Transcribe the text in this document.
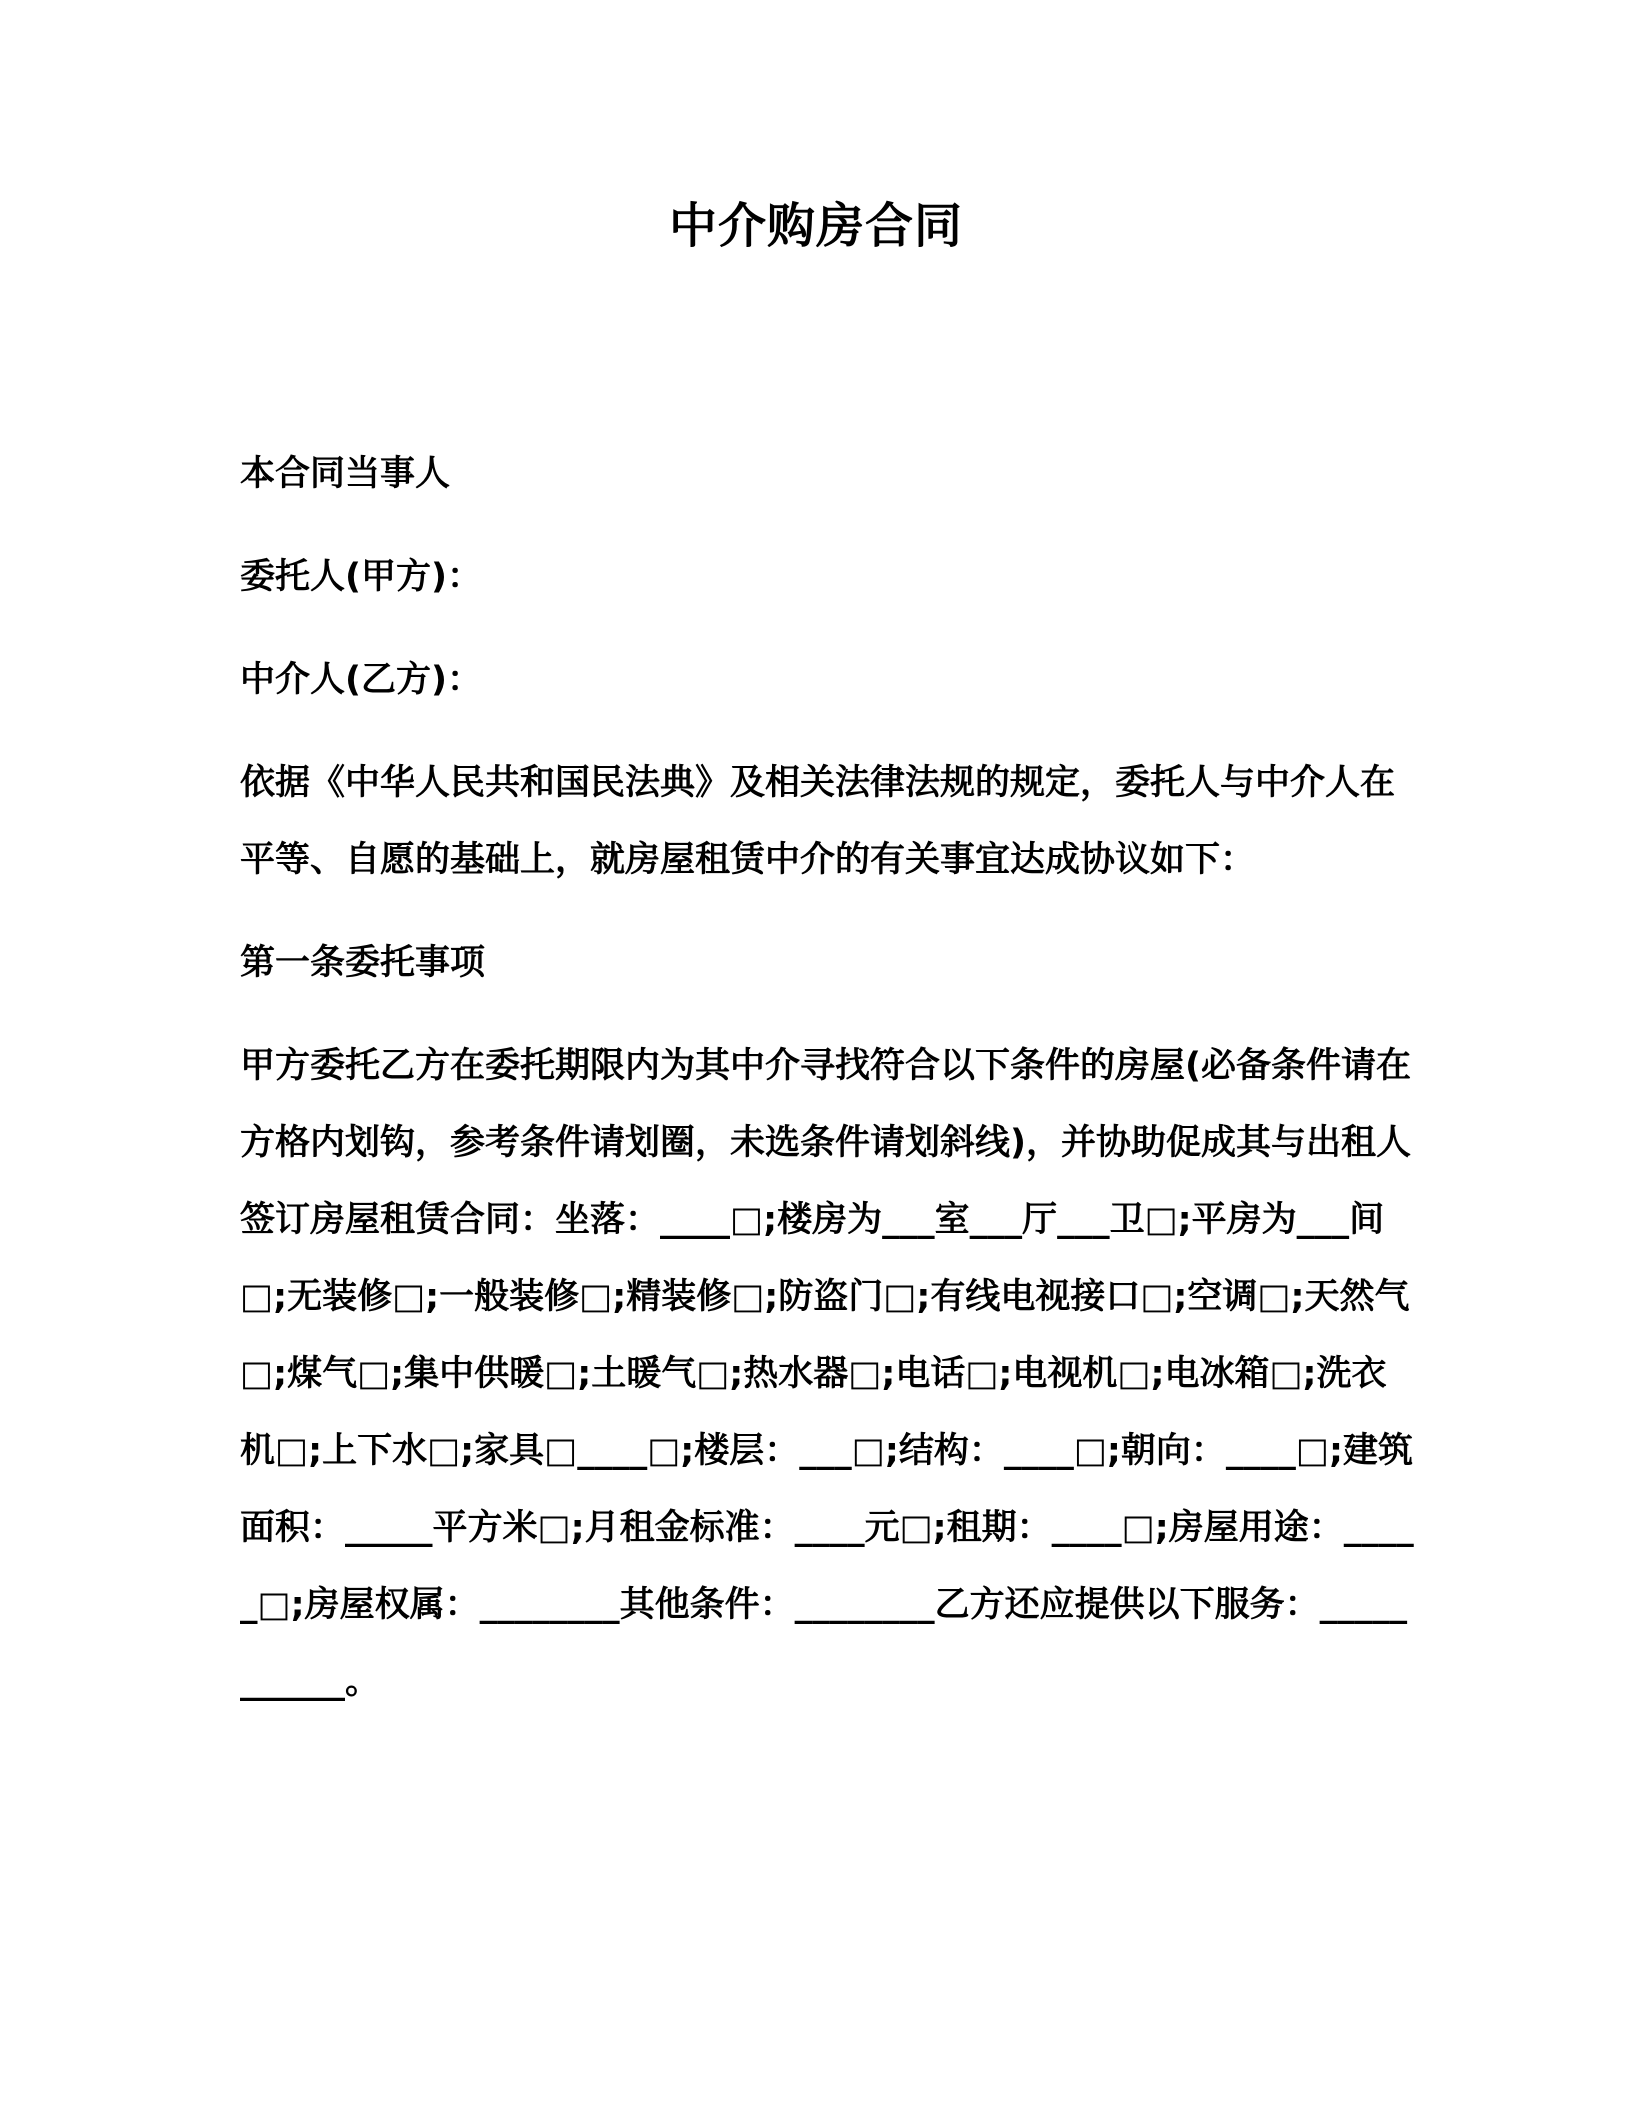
中介购房合同

本合同当事人

委托人(甲方)：

中介人(乙方)：

依据《中华人民共和国民法典》及相关法律法规的规定，委托人与中介人在平等、自愿的基础上，就房屋租赁中介的有关事宜达成协议如下：

第一条委托事项

甲方委托乙方在委托期限内为其中介寻找符合以下条件的房屋(必备条件请在方格内划钩，参考条件请划圈，未选条件请划斜线)，并协助促成其与出租人签订房屋租赁合同：坐落：____□;楼房为___室___厅___卫□;平房为___间□;无装修□;一般装修□;精装修□;防盗门□;有线电视接口□;空调□;天然气□;煤气□;集中供暖□;土暖气□;热水器□;电话□;电视机□;电冰箱□;洗衣机□;上下水□;家具□____□;楼层：___□;结构：____□;朝向：____□;建筑面积：_____平方米□;月租金标准：____元□;租期：____□;房屋用途：_____□;房屋权属：________其他条件：________乙方还应提供以下服务：___________。
